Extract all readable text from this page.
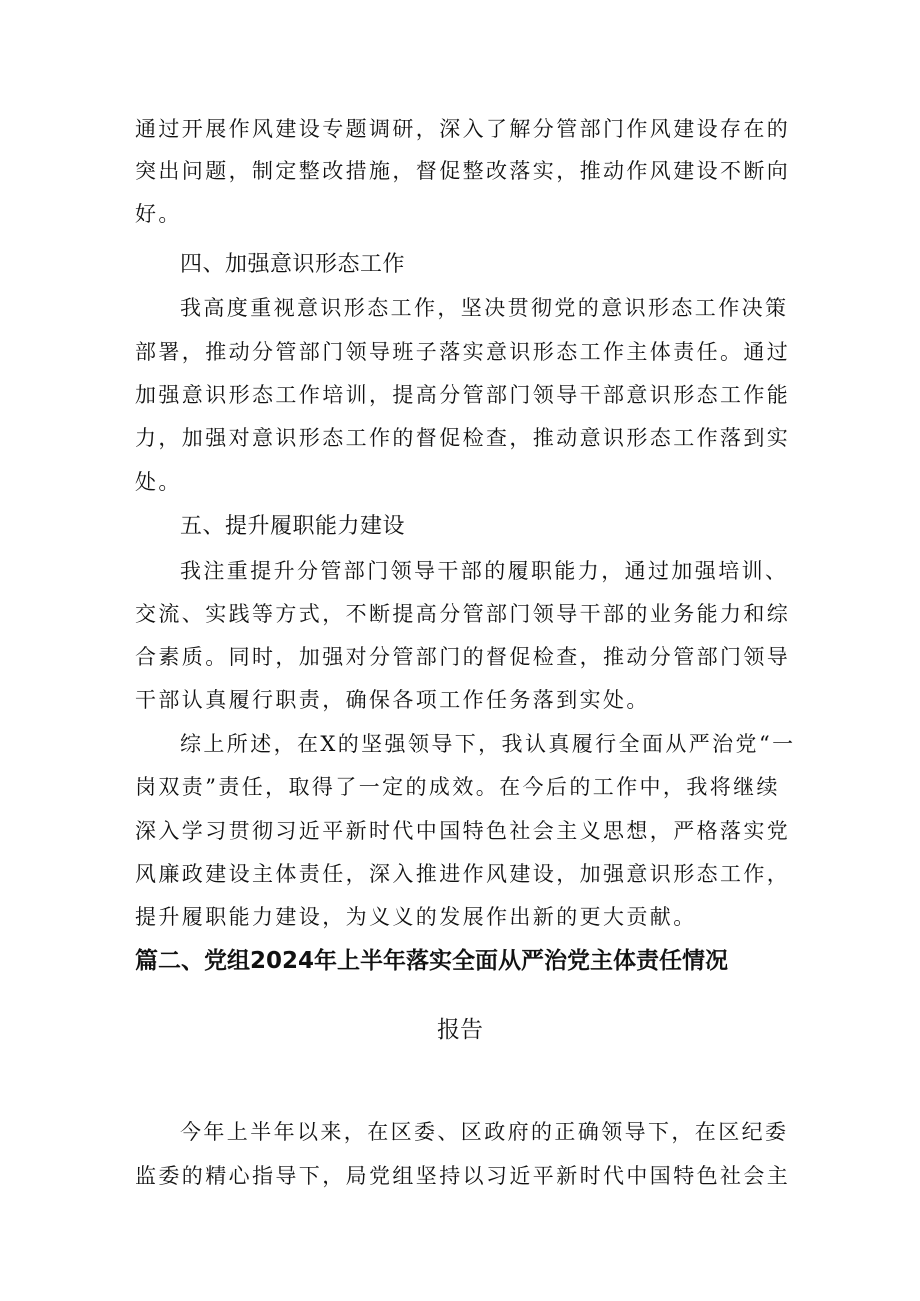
通过开展作风建设专题调研，深入了解分管部门作风建设存在的
突出问题，制定整改措施，督促整改落实，推动作风建设不断向
好。
四、加强意识形态工作
我高度重视意识形态工作，坚决贯彻党的意识形态工作决策
部署，推动分管部门领导班子落实意识形态工作主体责任。通过
加强意识形态工作培训，提高分管部门领导干部意识形态工作能
力，加强对意识形态工作的督促检查，推动意识形态工作落到实
处。
五、提升履职能力建设
我注重提升分管部门领导干部的履职能力，通过加强培训、
交流、实践等方式，不断提高分管部门领导干部的业务能力和综
合素质。同时，加强对分管部门的督促检查，推动分管部门领导
干部认真履行职责，确保各项工作任务落到实处。
综上所述，在X的坚强领导下，我认真履行全面从严治党“一
岗双责”责任，取得了一定的成效。在今后的工作中，我将继续
深入学习贯彻习近平新时代中国特色社会主义思想，严格落实党
风廉政建设主体责任，深入推进作风建设，加强意识形态工作，
提升履职能力建设，为义义的发展作出新的更大贡献。
篇二、党组2024年上半年落实全面从严治党主体责任情况
报告
今年上半年以来，在区委、区政府的正确领导下，在区纪委
监委的精心指导下，局党组坚持以习近平新时代中国特色社会主
